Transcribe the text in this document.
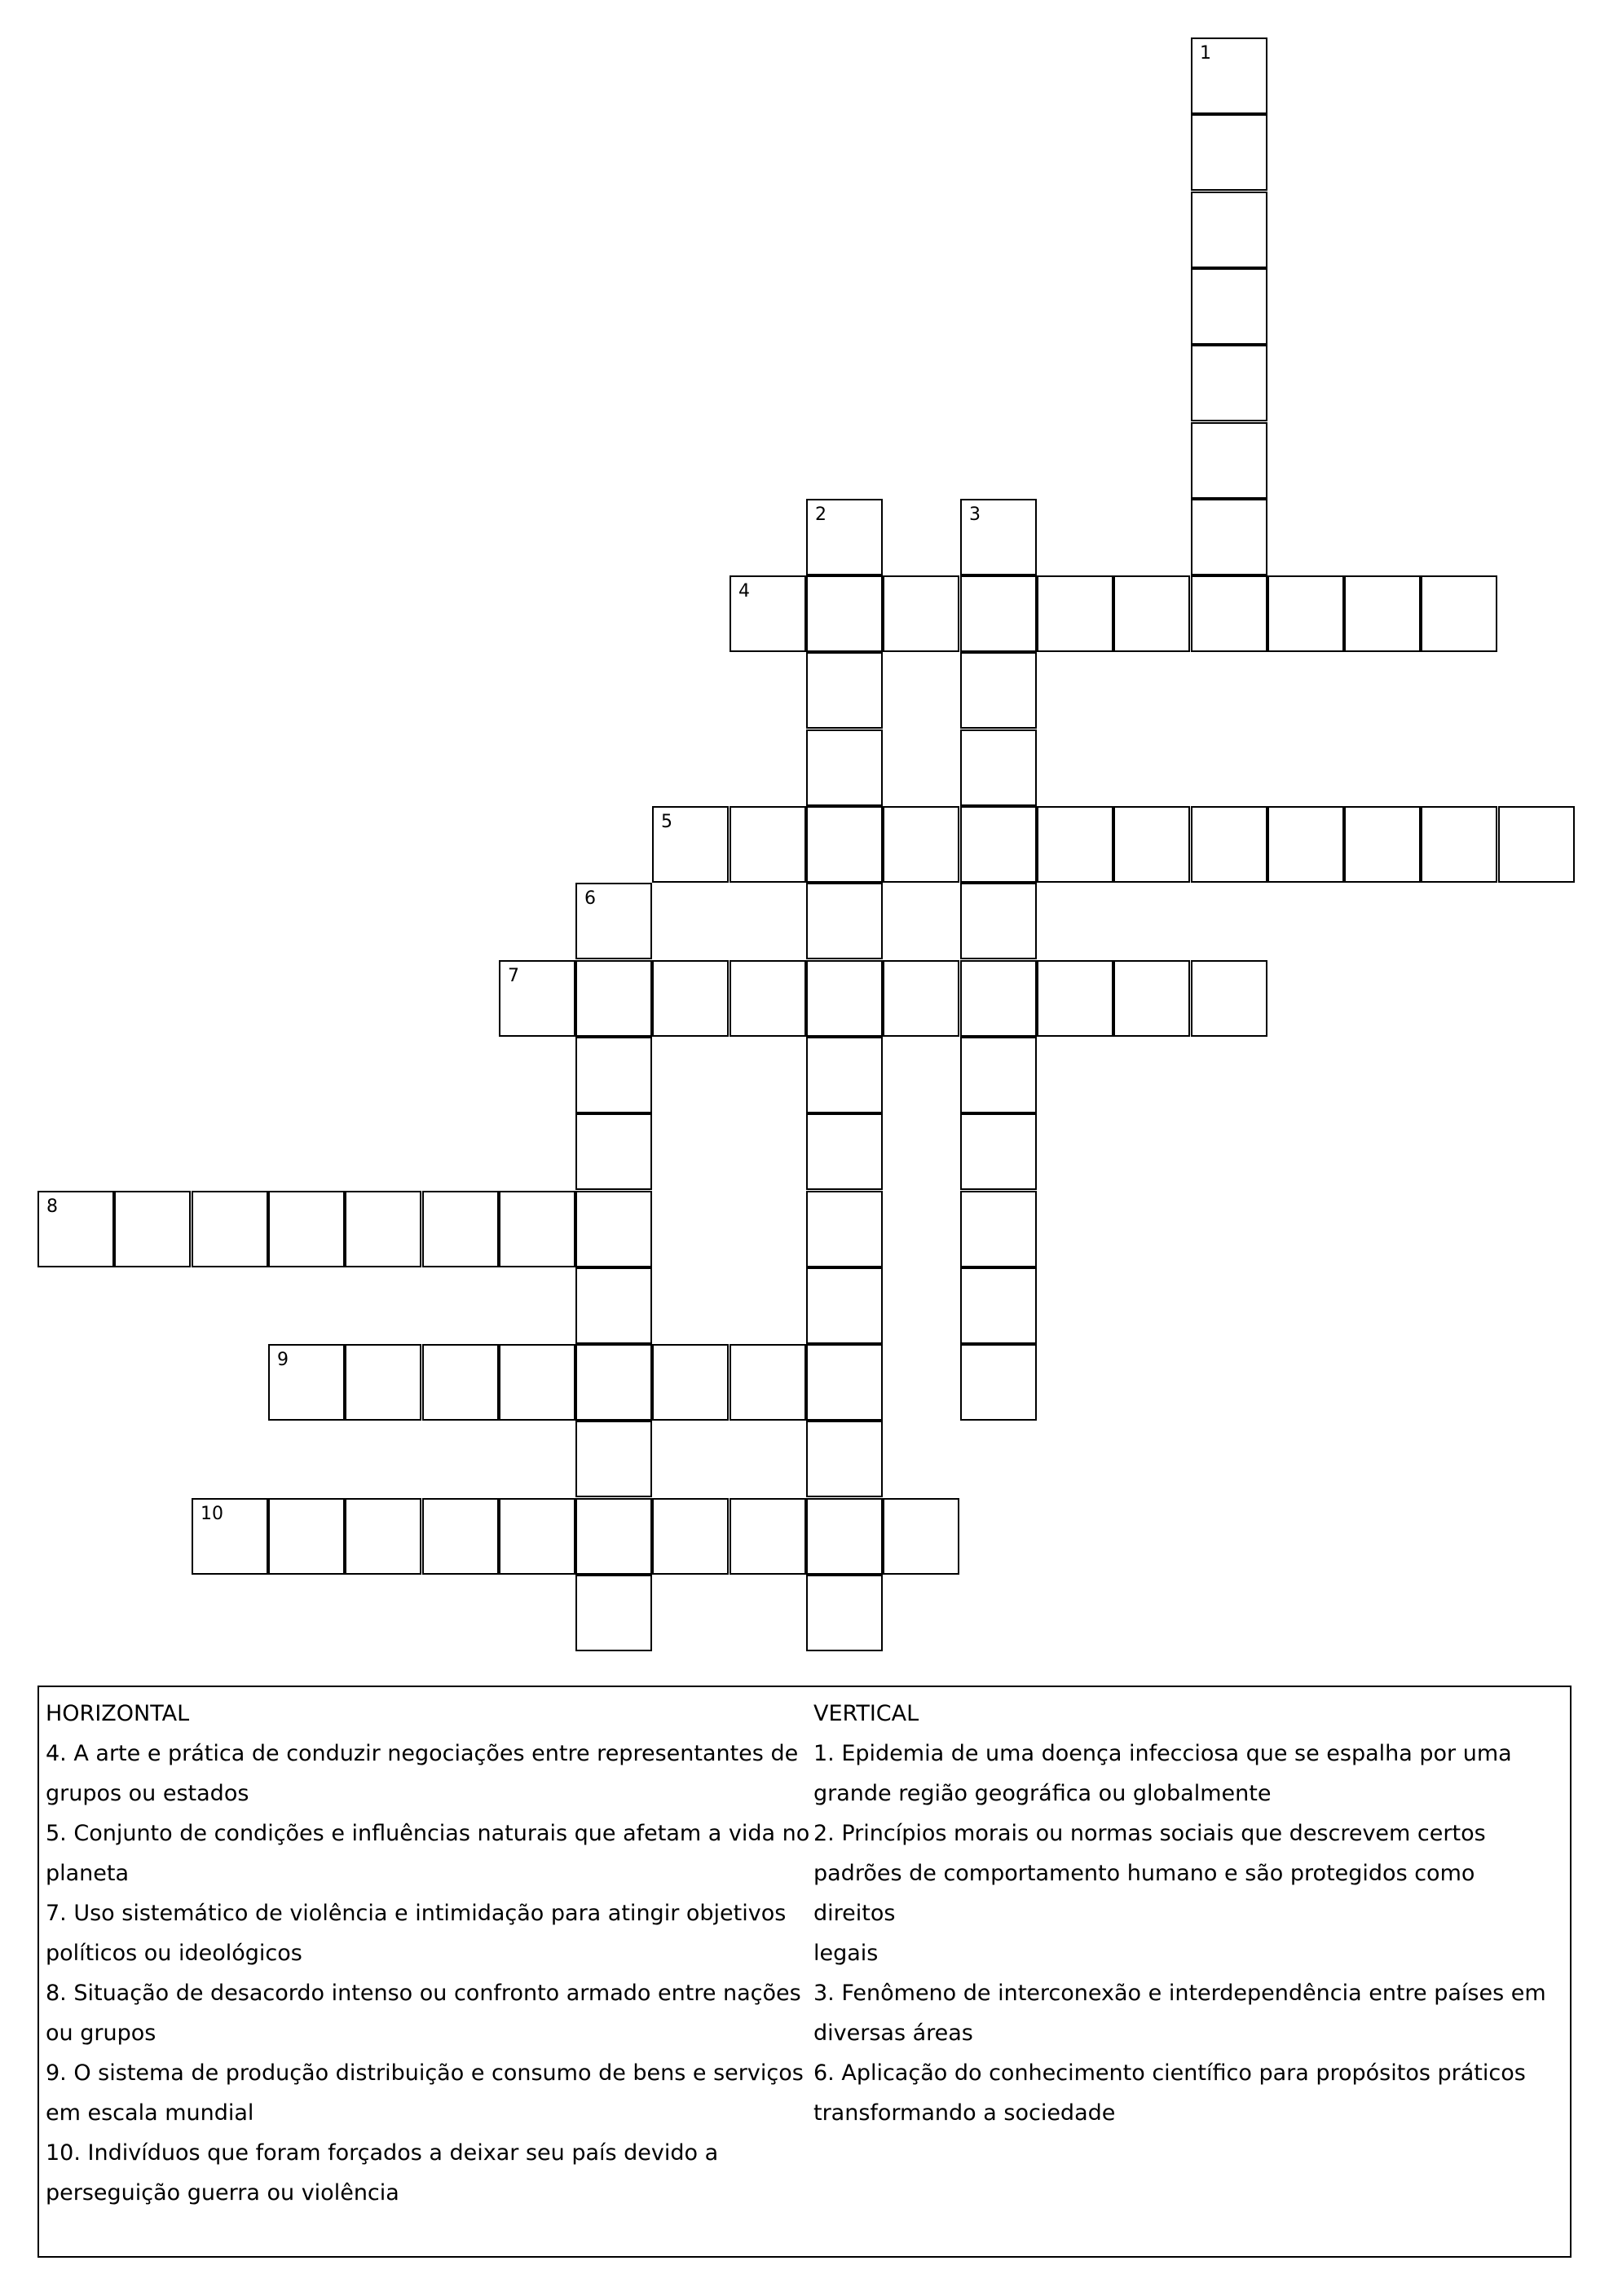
1
2	3
4
5
6
7
8
9
10
HORIZONTAL
4. A arte e prática de conduzir negociações entre representantes de
grupos ou estados
5. Conjunto de condições e influências naturais que afetam a vida no
planeta
7. Uso sistemático de violência e intimidação para atingir objetivos
políticos ou ideológicos
8. Situação de desacordo intenso ou confronto armado entre nações
ou grupos
9. O sistema de produção distribuição e consumo de bens e serviços
em escala mundial
10. Indivíduos que foram forçados a deixar seu país devido a
perseguição guerra ou violência
VERTICAL
1. Epidemia de uma doença infecciosa que se espalha por uma
grande região geográfica ou globalmente
2. Princípios morais ou normas sociais que descrevem certos
padrões de comportamento humano e são protegidos como direitos
legais
3. Fenômeno de interconexão e interdependência entre países em
diversas áreas
6. Aplicação do conhecimento científico para propósitos práticos
transformando a sociedade
